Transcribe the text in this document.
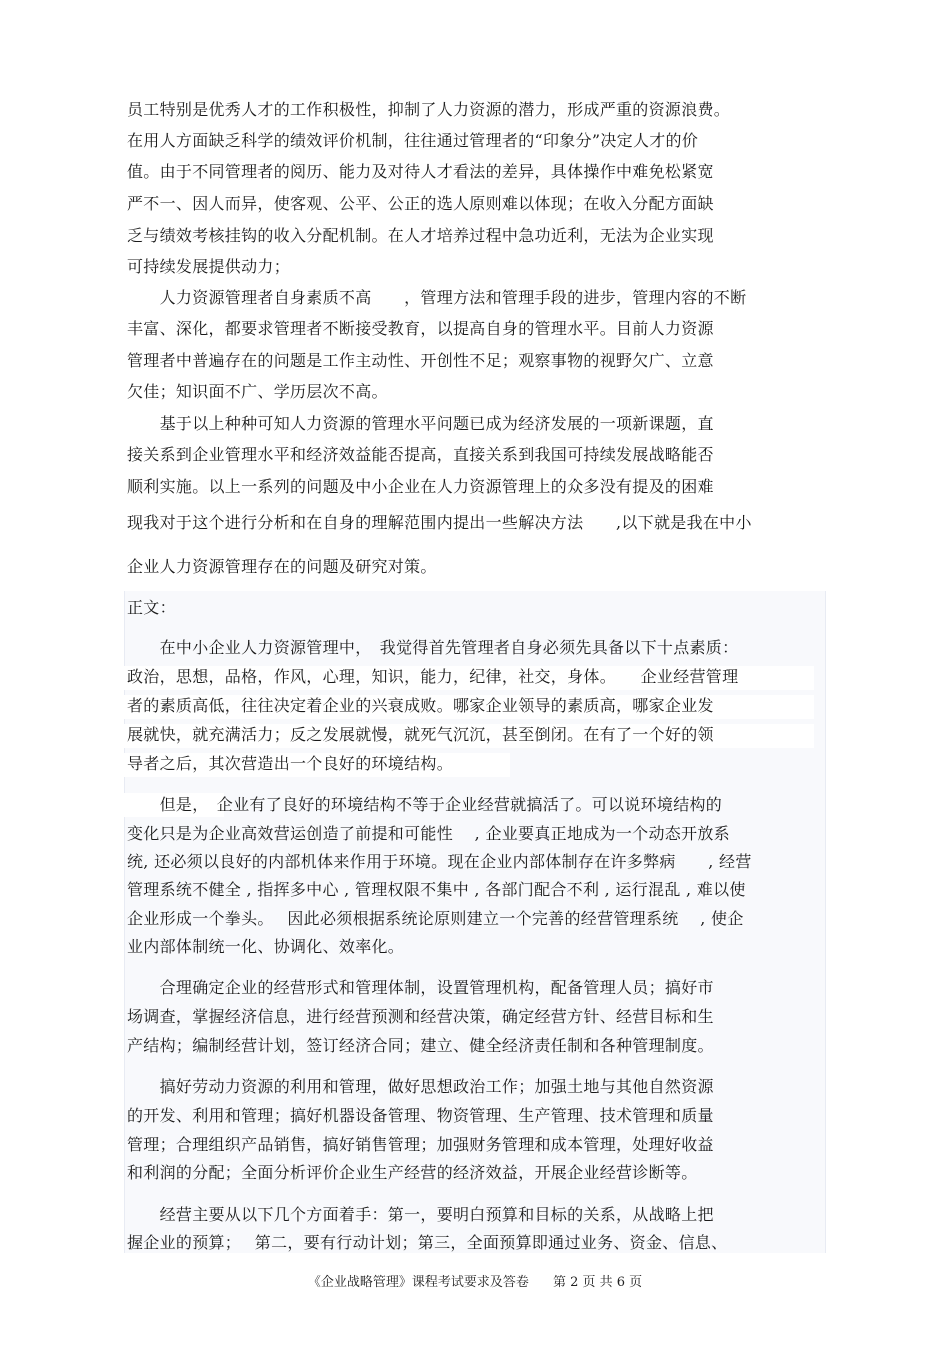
员工特别是优秀人才的工作积极性，抑制了人力资源的潜力，形成严重的资源浪费。
在用人方面缺乏科学的绩效评价机制，往往通过管理者的“印象分”决定人才的价
值。由于不同管理者的阅历、能力及对待人才看法的差异，具体操作中难免松紧宽
严不一、因人而异，使客观、公平、公正的选人原则难以体现；在收入分配方面缺
乏与绩效考核挂钩的收入分配机制。在人才培养过程中急功近利，无法为企业实现
可持续发展提供动力；
　　人力资源管理者自身素质不高　　，管理方法和管理手段的进步，管理内容的不断
丰富、深化，都要求管理者不断接受教育，以提高自身的管理水平。目前人力资源
管理者中普遍存在的问题是工作主动性、开创性不足；观察事物的视野欠广、立意
欠佳；知识面不广、学历层次不高。
　　基于以上种种可知人力资源的管理水平问题已成为经济发展的一项新课题，直
接关系到企业管理水平和经济效益能否提高，直接关系到我国可持续发展战略能否
顺利实施。以上一系列的问题及中小企业在人力资源管理上的众多没有提及的困难
现我对于这个进行分析和在自身的理解范围内提出一些解决方法　　,以下就是我在中小
企业人力资源管理存在的问题及研究对策。
正文：
　　在中小企业人力资源管理中，　我觉得首先管理者自身必须先具备以下十点素质：
政治，思想，品格，作风，心理，知识，能力，纪律，社交，身体。　　企业经营管理
者的素质高低，往往决定着企业的兴衰成败。哪家企业领导的素质高，哪家企业发
展就快，就充满活力；反之发展就慢，就死气沉沉，甚至倒闭。在有了一个好的领
导者之后，其次营造出一个良好的环境结构。
　　但是，　企业有了良好的环境结构不等于企业经营就搞活了。可以说环境结构的
变化只是为企业高效营运创造了前提和可能性　 , 企业要真正地成为一个动态开放系
统, 还必须以良好的内部机体来作用于环境。现在企业内部体制存在许多弊病　　, 经营
管理系统不健全 , 指挥多中心 , 管理权限不集中 , 各部门配合不利 , 运行混乱 , 难以使
企业形成一个拳头。　 因此必须根据系统论原则建立一个完善的经营管理系统　 , 使企
业内部体制统一化、协调化、效率化。
　　合理确定企业的经营形式和管理体制，设置管理机构，配备管理人员；搞好市
场调查，掌握经济信息，进行经营预测和经营决策，确定经营方针、经营目标和生
产结构；编制经营计划，签订经济合同；建立、健全经济责任制和各种管理制度。
　　搞好劳动力资源的利用和管理，做好思想政治工作；加强土地与其他自然资源
的开发、利用和管理；搞好机器设备管理、物资管理、生产管理、技术管理和质量
管理；合理组织产品销售，搞好销售管理；加强财务管理和成本管理，处理好收益
和利润的分配；全面分析评价企业生产经营的经济效益，开展企业经营诊断等。
　　经营主要从以下几个方面着手：第一，要明白预算和目标的关系，从战略上把
握企业的预算；　 第二，要有行动计划；第三，全面预算即通过业务、资金、信息、
《企业战略管理》课程考试要求及答卷 第 2 页 共 6 页
